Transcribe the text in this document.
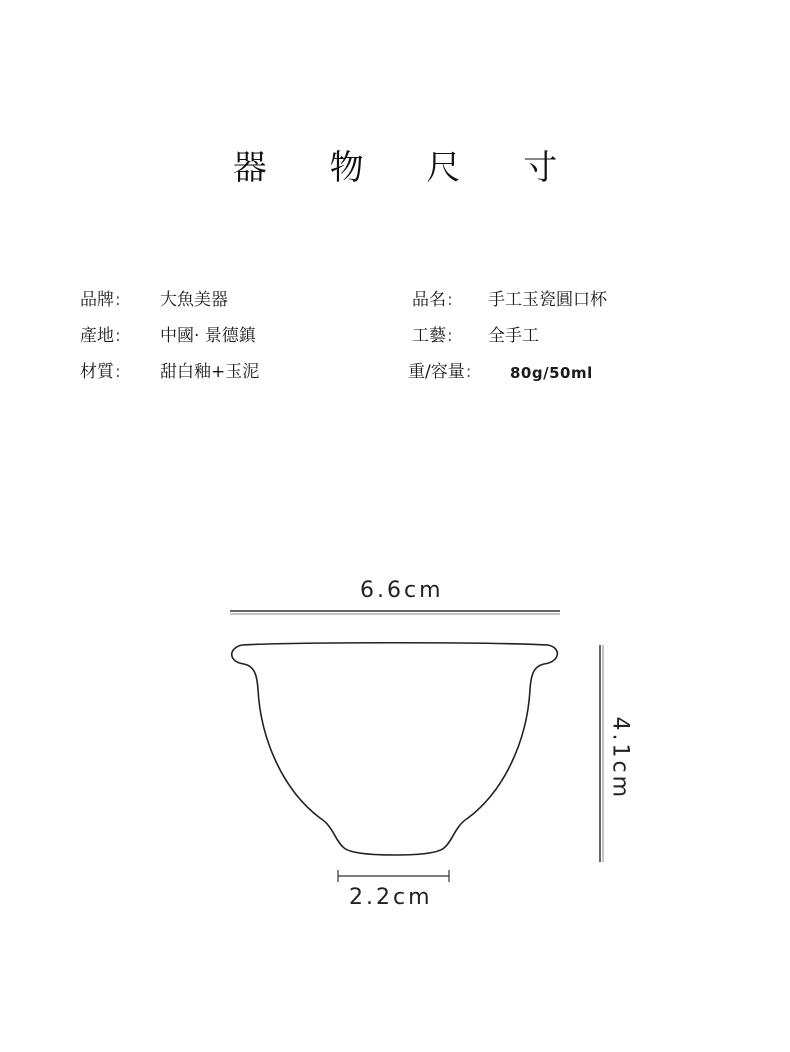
器 物 尺 寸
品牌: 大魚美器
產地: 中國· 景德鎮
材質: 甜白釉+玉泥
品名: 手工玉瓷圓口杯
工藝: 全手工
重/容量:	80g/50ml
6.6cm
4.1cm
2.2cm
